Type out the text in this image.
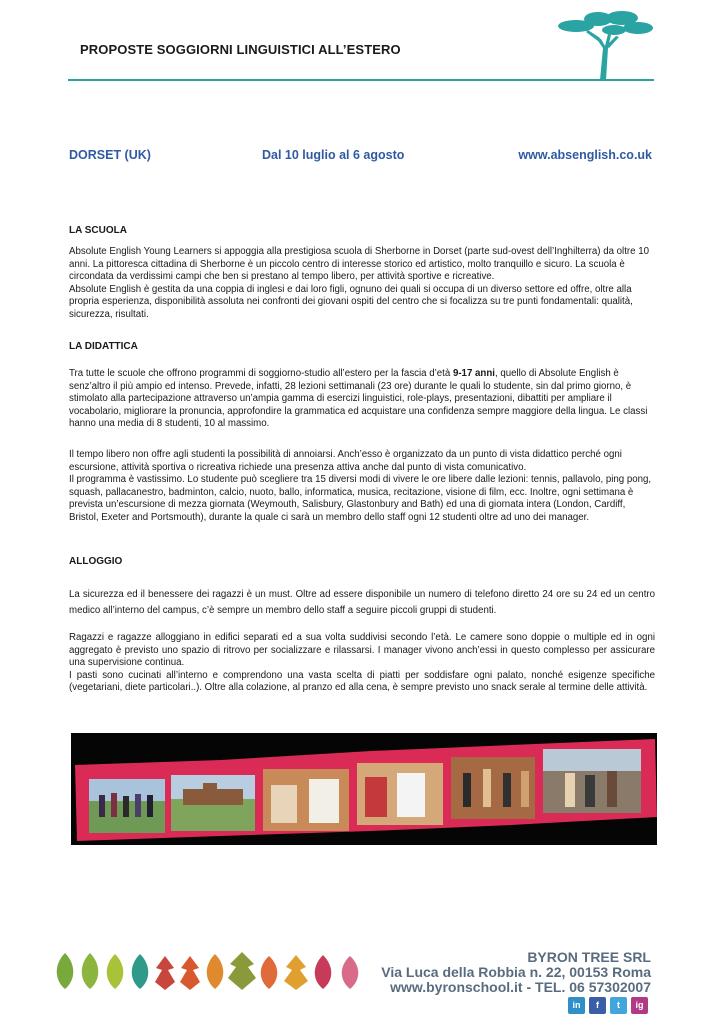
PROPOSTE SOGGIORNI LINGUISTICI ALL’ESTERO
DORSET (UK)	Dal 10 luglio al 6 agosto	www.absenglish.co.uk
LA SCUOLA

Absolute English Young Learners si appoggia alla prestigiosa scuola di Sherborne in Dorset (parte sud-ovest dell’Inghilterra) da oltre 10 anni. La pittoresca cittadina di Sherborne è un piccolo centro di interesse storico ed artistico, molto tranquillo e sicuro. La scuola è circondata da verdissimi campi che ben si prestano al tempo libero, per attività sportive e ricreative.

Absolute English è gestita da una coppia di inglesi e dai loro figli, ognuno dei quali si occupa di un diverso settore ed offre, oltre alla propria esperienza, disponibilità assoluta nei confronti dei giovani ospiti del centro che si focalizza su tre punti fondamentali: qualità, sicurezza, risultati.

LA DIDATTICA

Tra tutte le scuole che offrono programmi di soggiorno-studio all’estero per la fascia d’età 9-17 anni, quello di Absolute English è senz’altro il più ampio ed intenso. Prevede, infatti, 28 lezioni settimanali (23 ore) durante le quali lo studente, sin dal primo giorno, è stimolato alla partecipazione attraverso un’ampia gamma di esercizi linguistici, role-plays, presentazioni, dibattiti per ampliare il vocabolario, migliorare la pronuncia, approfondire la grammatica ed acquistare una confidenza sempre maggiore della lingua. Le classi hanno una media di 8 studenti, 10 al massimo.

Il tempo libero non offre agli studenti la possibilità di annoiarsi. Anch’esso è organizzato da un punto di vista didattico perché ogni escursione, attività sportiva o ricreativa richiede una presenza attiva anche dal punto di vista comunicativo.

Il programma è vastissimo. Lo studente può scegliere tra 15 diversi modi di vivere le ore libere dalle lezioni: tennis, pallavolo, ping pong, squash, pallacanestro, badminton, calcio, nuoto, ballo, informatica, musica, recitazione, visione di film, ecc. Inoltre, ogni settimana è prevista un’escursione di mezza giornata (Weymouth, Salisbury, Glastonbury and Bath) ed una di giornata intera (London, Cardiff, Bristol, Exeter and Portsmouth), durante la quale ci sarà un membro dello staff ogni 12 studenti oltre ad uno dei manager.

ALLOGGIO
La sicurezza ed il benessere dei ragazzi è un must. Oltre ad essere disponibile un numero di telefono diretto 24 ore su 24 ed un centro medico all’interno del campus, c’è sempre un membro dello staff a seguire piccoli gruppi di studenti.

Ragazzi e ragazze alloggiano in edifici separati ed a sua volta suddivisi secondo l’età. Le camere sono doppie o multiple ed in ogni aggregato è previsto uno spazio di ritrovo per socializzare e rilassarsi. I manager vivono anch’essi in questo complesso per assicurare una supervisione continua.

I pasti sono cucinati all’interno e comprendono una vasta scelta di piatti per soddisfare ogni palato, nonché esigenze specifiche (vegetariani, diete particolari..). Oltre alla colazione, al pranzo ed alla cena, è sempre previsto uno snack serale al termine delle attività.

BYRON TREE SRL
Via Luca della Robbia n. 22, 00153 Roma
www.byronschool.it - TEL. 06 57302007
in	f	t	ig
